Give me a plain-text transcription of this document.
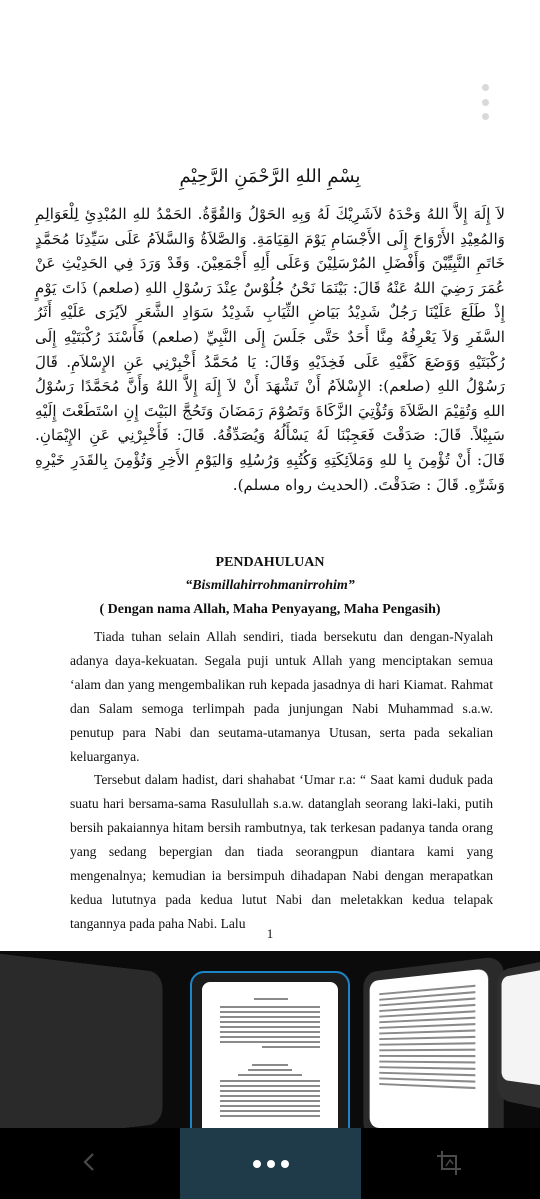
بِسْمِ اللهِ الرَّحْمَنِ الرَّحِيْمِ
لاَ إِلَهَ إِلاَّ اللهُ وَحْدَهُ لاَشَرِيْكَ لَهُ وَبِهِ الحَوْلُ وَالقُوَّةُ. الحَمْدُ للهِ المُبْدِئِ لِلْعَوَالِمِ وَالمُعِيْدِ الأَرْوَاحَ إِلَى الأَجْسَامِ يَوْمَ القِيَامَةِ. وَالصَّلاَةُ وَالسَّلاَمُ عَلَى سَيِّدِنَا مُحَمَّدٍ خَاتَمِ النَّبِيِّيْنَ وَأَفْضَلِ المُرْسَلِيْنَ وَعَلَى أَلِهِ أَجْمَعِيْنَ. وَقَدْ وَرَدَ فِي الحَدِيْثِ عَنْ عُمَرَ رَضِيَ اللهُ عَنْهُ قَالَ: بَيْنَمَا نَحْنُ جُلُوْسٌ عِنْدَ رَسُوْلِ اللهِ (صلعم) ذَاتَ يَوْمٍ إِذْ طَلَعَ عَلَيْنَا رَجُلٌ شَدِيْدُ بَيَاضِ الثِّيَابِ شَدِيْدُ سَوَادِ الشَّعَرِ لاَيُرَى عَلَيْهِ أَثَرُ السَّفَرِ وَلاَ يَعْرِفُهُ مِنَّا أَحَدٌ حَتَّى جَلَسَ إِلَى النَّبِيِّ (صلعم) فَأَسْنَدَ رُكْبَتَيْهِ إِلَى رُكْبَتَيْهِ وَوَضَعَ كَفَّيْهِ عَلَى فَخِذَيْهِ وَقَالَ: يَا مُحَمَّدُ أَخْبِرْنِي عَنِ الإِسْلاَمِ. قَالَ رَسُوْلُ اللهِ (صلعم): الإِسْلاَمُ أَنْ تَشْهَدَ أَنْ لاَ إِلَهَ إِلاَّ اللهُ وَأَنَّ مُحَمَّدًا رَسُوْلُ اللهِ وَتُقِيْمَ الصَّلاَةَ وَتُؤْتِيَ الزَّكَاةَ وَتَصُوْمَ رَمَضَانَ وَتَحُجَّ البَيْتَ إِنِ اسْتَطَعْتَ إِلَيْهِ سَبِيْلاً. قَالَ: صَدَقْتَ فَعَجِبْنَا لَهُ يَسْأَلُهُ وَيُصَدِّقُهُ. قَالَ: فَأَخْبِرْنِي عَنِ الإِيْمَانِ. قَالَ: أَنْ تُؤْمِنَ بِا للهِ وَمَلاَئِكَتِهِ وَكُتُبِهِ وَرُسُلِهِ وَاليَوْمِ الأَخِرِ وَتُؤْمِنَ بِالقَدَرِ خَيْرِهِ وَشَرِّهِ. قَالَ : صَدَقْتَ. (الحديث رواه مسلم).
PENDAHULUAN
“Bismillahirrohmanirrohim”
( Dengan nama Allah, Maha Penyayang, Maha Pengasih)

Tiada tuhan selain Allah sendiri, tiada bersekutu dan dengan-Nyalah adanya daya-kekuatan. Segala puji untuk Allah yang menciptakan semua ‘alam dan yang mengembalikan ruh kepada jasadnya di hari Kiamat. Rahmat dan Salam semoga terlimpah pada junjungan Nabi Muhammad s.a.w. penutup para Nabi dan seutama-utamanya Utusan, serta pada sekalian keluarganya.

Tersebut dalam hadist, dari shahabat ‘Umar r.a: “ Saat kami duduk pada suatu hari bersama-sama Rasulullah s.a.w. datanglah seorang laki-laki, putih bersih pakaiannya hitam bersih rambutnya, tak terkesan padanya tanda orang yang sedang bepergian dan tiada seorangpun diantara kami yang mengenalnya; kemudian ia bersimpuh dihadapan Nabi dengan merapatkan kedua lututnya pada kedua lutut Nabi dan meletakkan kedua telapak tangannya pada paha Nabi. Lalu

1
